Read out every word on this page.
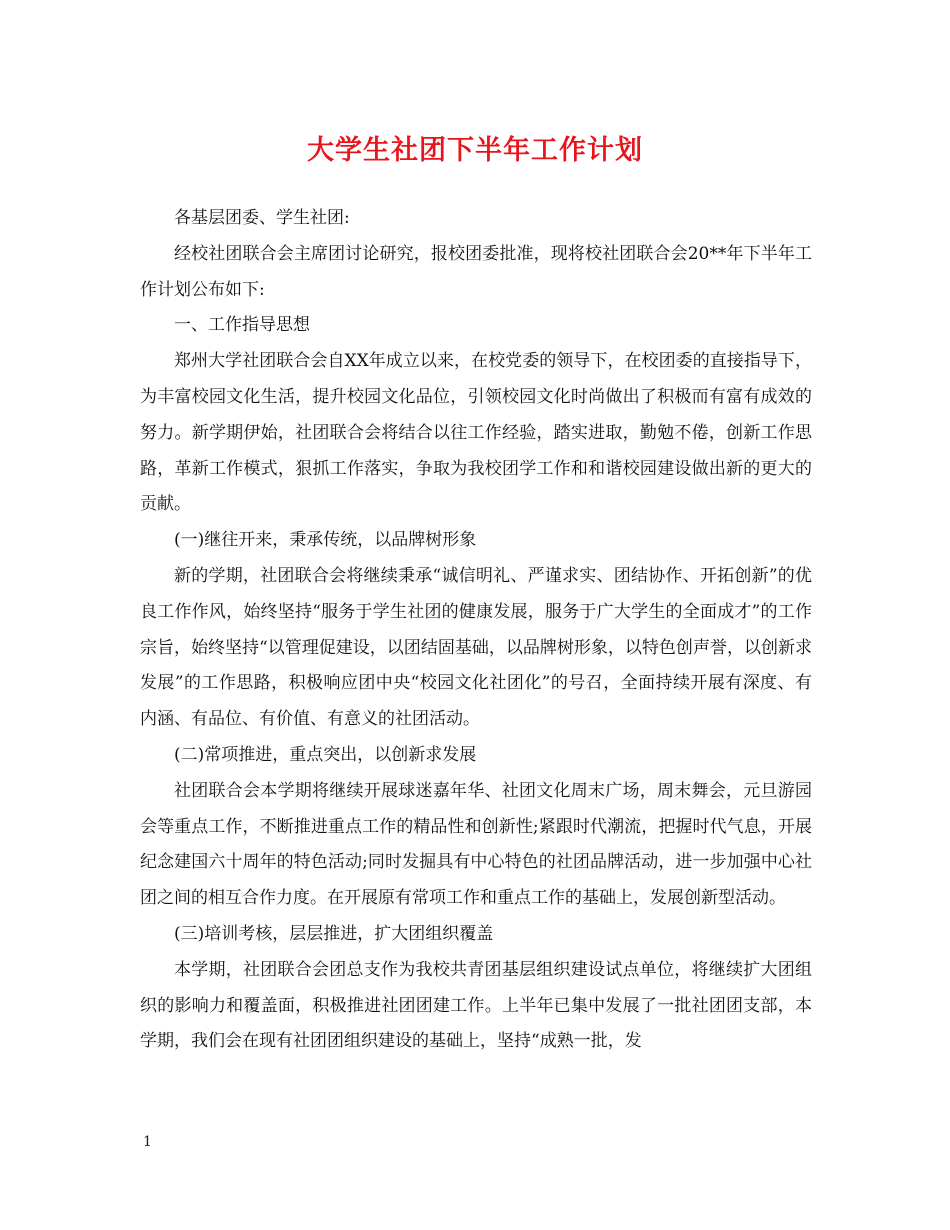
大学生社团下半年工作计划

各基层团委、学生社团:

经校社团联合会主席团讨论研究，报校团委批准，现将校社团联合会20**年下半年工作计划公布如下:

一、工作指导思想

郑州大学社团联合会自XX年成立以来，在校党委的领导下，在校团委的直接指导下，为丰富校园文化生活，提升校园文化品位，引领校园文化时尚做出了积极而有富有成效的努力。新学期伊始，社团联合会将结合以往工作经验，踏实进取，勤勉不倦，创新工作思路，革新工作模式，狠抓工作落实，争取为我校团学工作和和谐校园建设做出新的更大的贡献。

(一)继往开来，秉承传统，以品牌树形象

新的学期，社团联合会将继续秉承“诚信明礼、严谨求实、团结协作、开拓创新”的优良工作作风，始终坚持“服务于学生社团的健康发展，服务于广大学生的全面成才”的工作宗旨，始终坚持“以管理促建设，以团结固基础，以品牌树形象，以特色创声誉，以创新求发展”的工作思路，积极响应团中央“校园文化社团化”的号召，全面持续开展有深度、有内涵、有品位、有价值、有意义的社团活动。

(二)常项推进，重点突出，以创新求发展

社团联合会本学期将继续开展球迷嘉年华、社团文化周末广场，周末舞会，元旦游园会等重点工作，不断推进重点工作的精品性和创新性;紧跟时代潮流，把握时代气息，开展纪念建国六十周年的特色活动;同时发掘具有中心特色的社团品牌活动，进一步加强中心社团之间的相互合作力度。在开展原有常项工作和重点工作的基础上，发展创新型活动。

(三)培训考核，层层推进，扩大团组织覆盖

本学期，社团联合会团总支作为我校共青团基层组织建设试点单位，将继续扩大团组织的影响力和覆盖面，积极推进社团团建工作。上半年已集中发展了一批社团团支部，本学期，我们会在现有社团团组织建设的基础上，坚持“成熟一批，发

1
